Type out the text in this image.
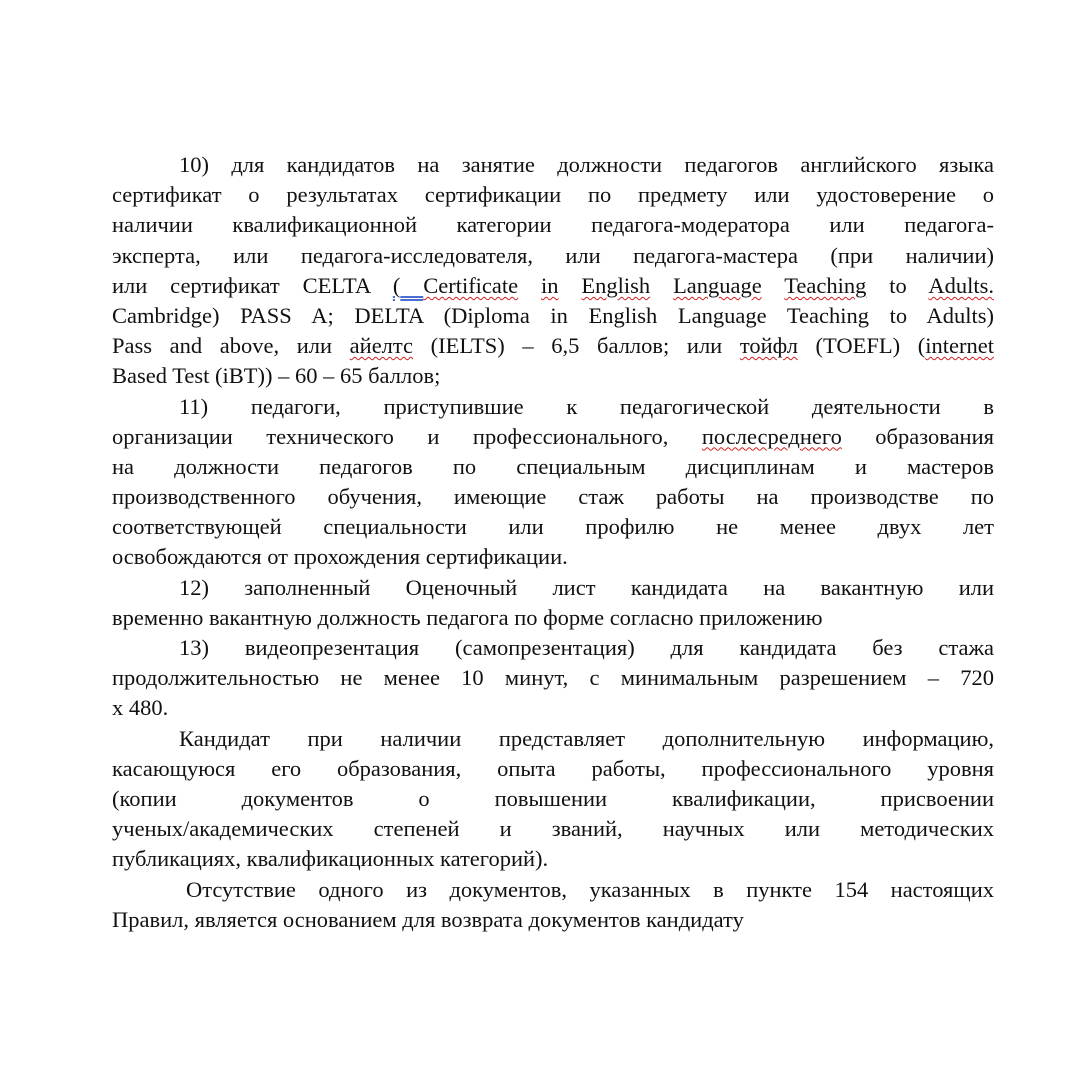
10) для кандидатов на занятие должности педагогов английского языка
сертификат о результатах сертификации по предмету или удостоверение о
наличии квалификационной категории педагога-модератора или педагога-
эксперта, или педагога-исследователя, или педагога-мастера (при наличии)
или сертификат CELTA ( Certificate in English Language Teaching to Adults.
Cambridge) PASS A; DELTA (Diploma in English Language Teaching to Adults)
Pass and above, или айелтс (IELTS) – 6,5 баллов; или тойфл (TOEFL) (internet
Based Test (iBT)) – 60 – 65 баллов;
11) педагоги, приступившие к педагогической деятельности в
организации технического и профессионального, послесреднего образования
на должности педагогов по специальным дисциплинам и мастеров
производственного обучения, имеющие стаж работы на производстве по
соответствующей специальности или профилю не менее двух лет
освобождаются от прохождения сертификации.
12) заполненный Оценочный лист кандидата на вакантную или
временно вакантную должность педагога по форме согласно приложению
13) видеопрезентация (самопрезентация) для кандидата без стажа
продолжительностью не менее 10 минут, с минимальным разрешением – 720
х 480.
Кандидат при наличии представляет дополнительную информацию,
касающуюся его образования, опыта работы, профессионального уровня
(копии документов о повышении квалификации, присвоении
ученых/академических степеней и званий, научных или методических
публикациях, квалификационных категорий).
Отсутствие одного из документов, указанных в пункте 154 настоящих
Правил, является основанием для возврата документов кандидату
